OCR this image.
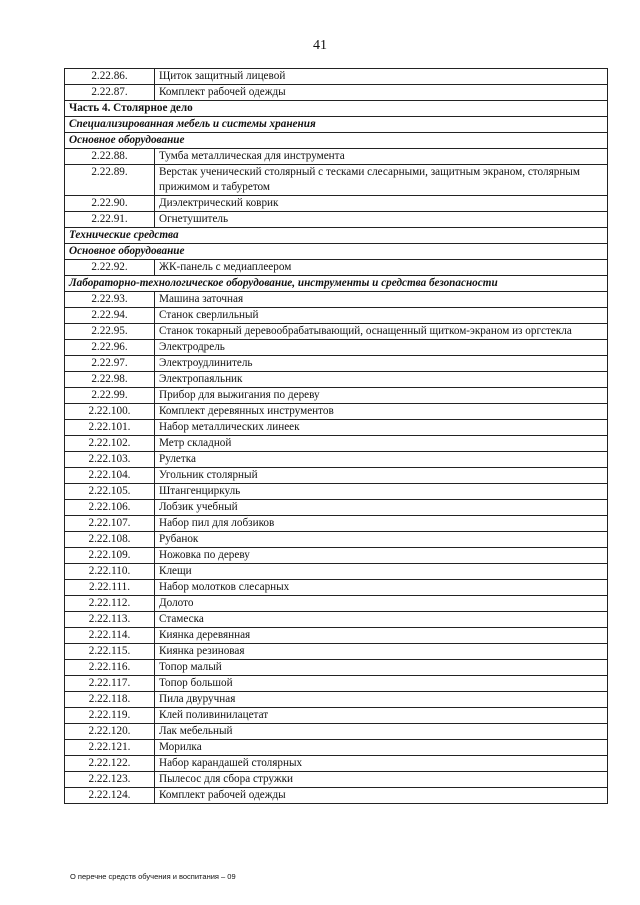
41
2.22.86.	Щиток защитный лицевой
2.22.87.	Комплект рабочей одежды
Часть 4. Столярное дело	
Специализированная мебель и системы хранения	
Основное оборудование	
2.22.88.	Тумба металлическая для инструмента
2.22.89.	Верстак ученический столярный с тесками слесарными, защитным экраном, столярным прижимом и табуретом
2.22.90.	Диэлектрический коврик
2.22.91.	Огнетушитель
Технические средства	
Основное оборудование	
2.22.92.	ЖК-панель с медиаплеером
Лабораторно-технологическое оборудование, инструменты и средства безопасности	
2.22.93.	Машина заточная
2.22.94.	Станок сверлильный
2.22.95.	Станок токарный деревообрабатывающий, оснащенный щитком-экраном из оргстекла
2.22.96.	Электродрель
2.22.97.	Электроудлинитель
2.22.98.	Электропаяльник
2.22.99.	Прибор для выжигания по дереву
2.22.100.	Комплект деревянных инструментов
2.22.101.	Набор металлических линеек
2.22.102.	Метр складной
2.22.103.	Рулетка
2.22.104.	Угольник столярный
2.22.105.	Штангенциркуль
2.22.106.	Лобзик учебный
2.22.107.	Набор пил для лобзиков
2.22.108.	Рубанок
2.22.109.	Ножовка по дереву
2.22.110.	Клещи
2.22.111.	Набор молотков слесарных
2.22.112.	Долото
2.22.113.	Стамеска
2.22.114.	Киянка деревянная
2.22.115.	Киянка резиновая
2.22.116.	Топор малый
2.22.117.	Топор большой
2.22.118.	Пила двуручная
2.22.119.	Клей поливинилацетат
2.22.120.	Лак мебельный
2.22.121.	Морилка
2.22.122.	Набор карандашей столярных
2.22.123.	Пылесос для сбора стружки
2.22.124.	Комплект рабочей одежды
О перечне средств обучения и воспитания – 09
